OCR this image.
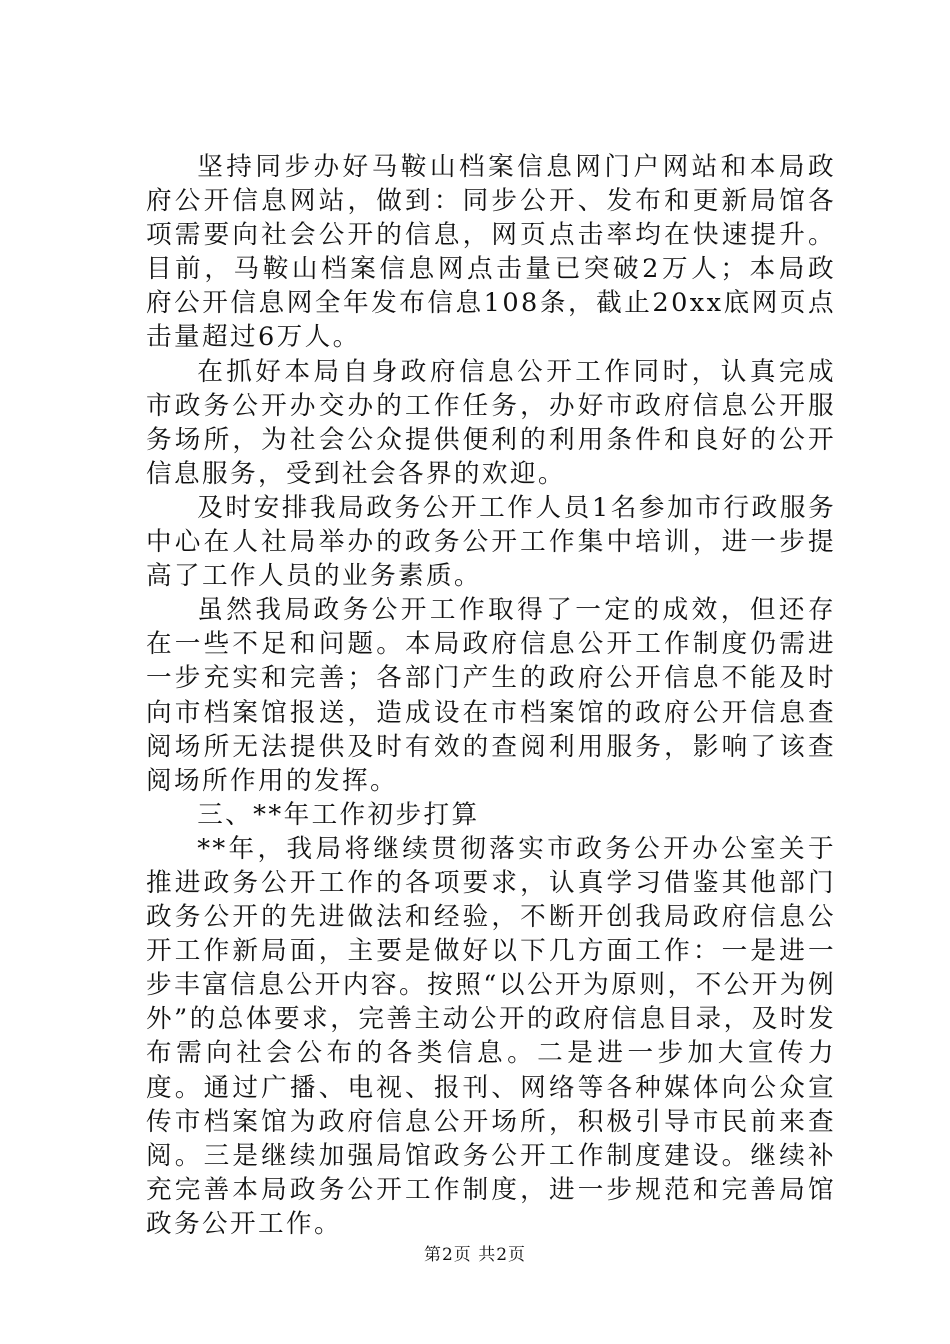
坚持同步办好马鞍山档案信息网门户网站和本局政府公开信息网站，做到：同步公开、发布和更新局馆各项需要向社会公开的信息，网页点击率均在快速提升。目前，马鞍山档案信息网点击量已突破2万人；本局政府公开信息网全年发布信息108条，截止20xx底网页点击量超过6万人。

在抓好本局自身政府信息公开工作同时，认真完成市政务公开办交办的工作任务，办好市政府信息公开服务场所，为社会公众提供便利的利用条件和良好的公开信息服务，受到社会各界的欢迎。

及时安排我局政务公开工作人员1名参加市行政服务中心在人社局举办的政务公开工作集中培训，进一步提高了工作人员的业务素质。

虽然我局政务公开工作取得了一定的成效，但还存在一些不足和问题。本局政府信息公开工作制度仍需进一步充实和完善；各部门产生的政府公开信息不能及时向市档案馆报送，造成设在市档案馆的政府公开信息查阅场所无法提供及时有效的查阅利用服务，影响了该查阅场所作用的发挥。

三、**年工作初步打算

**年，我局将继续贯彻落实市政务公开办公室关于推进政务公开工作的各项要求，认真学习借鉴其他部门政务公开的先进做法和经验，不断开创我局政府信息公开工作新局面，主要是做好以下几方面工作：一是进一步丰富信息公开内容。按照“以公开为原则，不公开为例外”的总体要求，完善主动公开的政府信息目录，及时发布需向社会公布的各类信息。二是进一步加大宣传力度。通过广播、电视、报刊、网络等各种媒体向公众宣传市档案馆为政府信息公开场所，积极引导市民前来查阅。三是继续加强局馆政务公开工作制度建设。继续补充完善本局政务公开工作制度，进一步规范和完善局馆政务公开工作。

第2页 共2页
